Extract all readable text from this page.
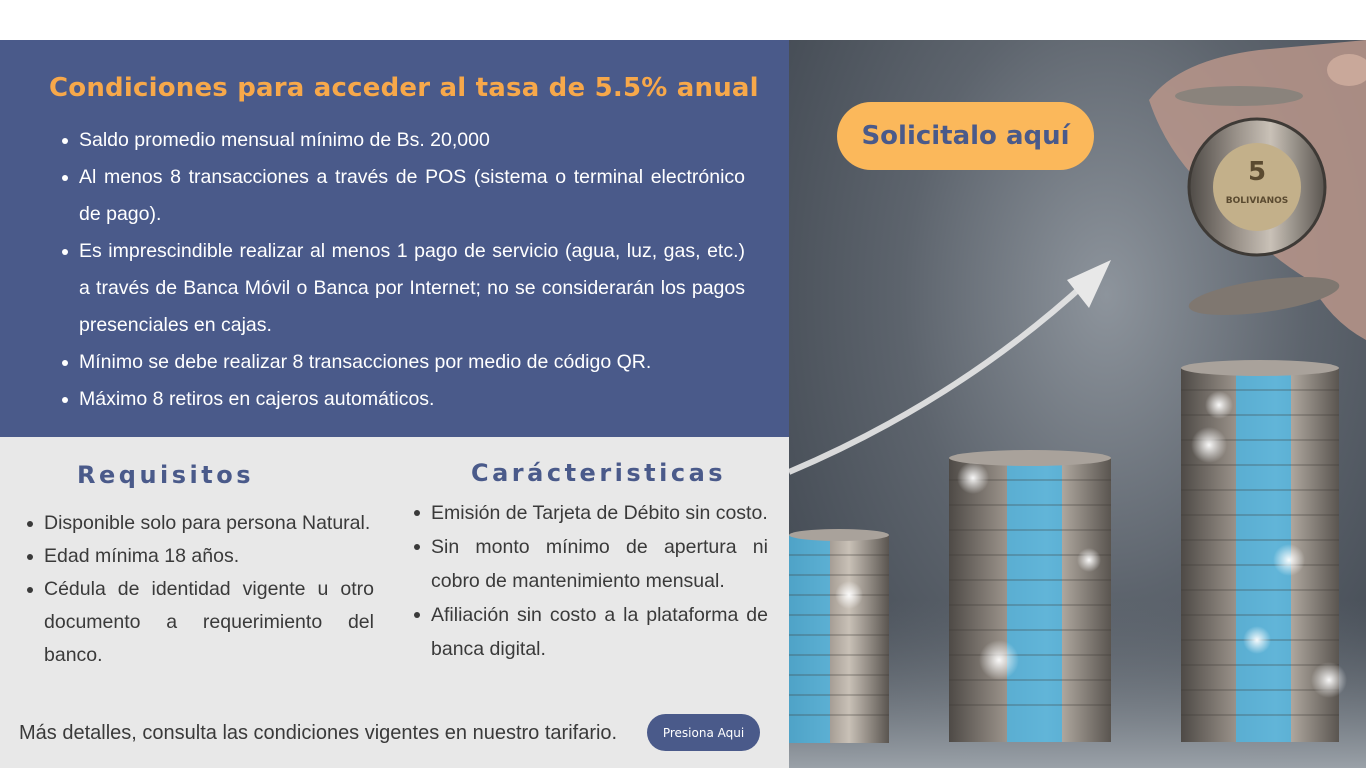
Condiciones para acceder al tasa de 5.5% anual
Saldo promedio mensual mínimo de Bs. 20,000
Al menos 8 transacciones a través de POS (sistema o terminal electrónico de pago).
Es imprescindible realizar al menos 1 pago de servicio (agua, luz, gas, etc.) a través de Banca Móvil o Banca por Internet; no se considerarán los pagos presenciales en cajas.
Mínimo se debe realizar 8 transacciones por medio de código QR.
Máximo 8 retiros en cajeros automáticos.
Requisitos
Disponible solo para persona Natural.
Edad mínima 18 años.
Cédula de identidad vigente u otro documento a requerimiento del banco.
Carácteristicas
Emisión de Tarjeta de Débito sin costo.
Sin monto mínimo de apertura ni cobro de mantenimiento mensual.
Afiliación sin costo a la plataforma de banca digital.

Más detalles, consulta las condiciones vigentes en nuestro tarifario.	Presiona Aqui
5
BOLIVIANOS
Solicitalo aquí
